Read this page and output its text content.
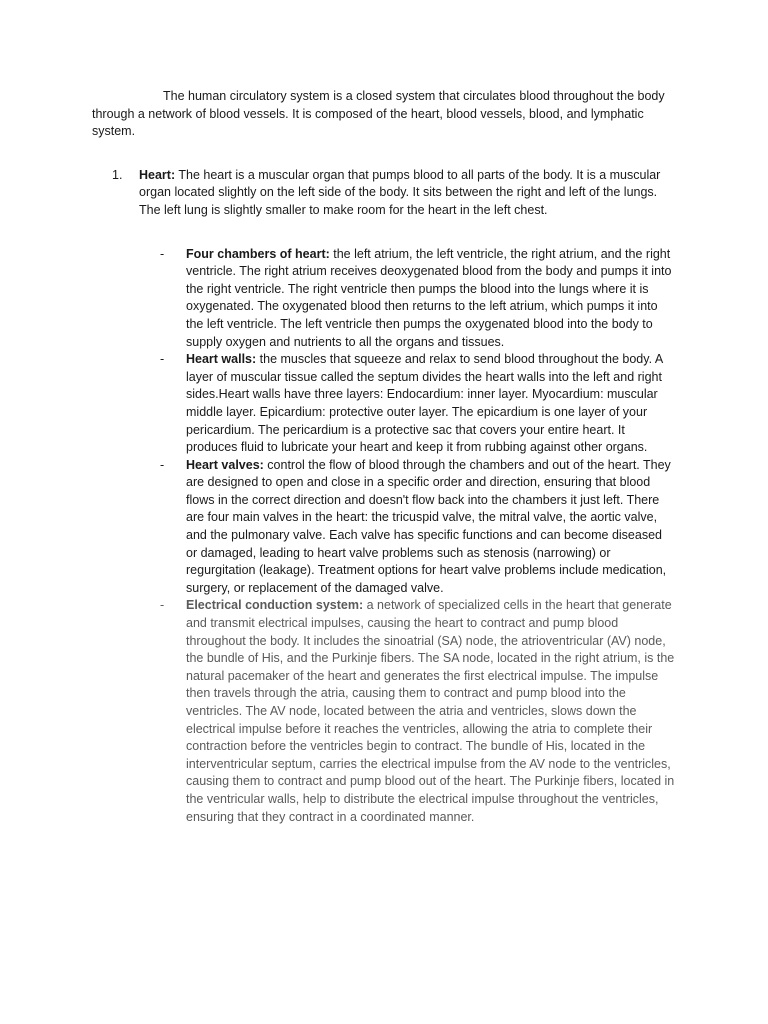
The human circulatory system is a closed system that circulates blood throughout the body through a network of blood vessels. It is composed of the heart, blood vessels, blood, and lymphatic system.

1. Heart: The heart is a muscular organ that pumps blood to all parts of the body. It is a muscular organ located slightly on the left side of the body. It sits between the right and left of the lungs. The left lung is slightly smaller to make room for the heart in the left chest.

- Four chambers of heart: the left atrium, the left ventricle, the right atrium, and the right ventricle. The right atrium receives deoxygenated blood from the body and pumps it into the right ventricle. The right ventricle then pumps the blood into the lungs where it is oxygenated. The oxygenated blood then returns to the left atrium, which pumps it into the left ventricle. The left ventricle then pumps the oxygenated blood into the body to supply oxygen and nutrients to all the organs and tissues.

- Heart walls: the muscles that squeeze and relax to send blood throughout the body. A layer of muscular tissue called the septum divides the heart walls into the left and right sides.Heart walls have three layers: Endocardium: inner layer. Myocardium: muscular middle layer. Epicardium: protective outer layer. The epicardium is one layer of your pericardium. The pericardium is a protective sac that covers your entire heart. It produces fluid to lubricate your heart and keep it from rubbing against other organs.

- Heart valves: control the flow of blood through the chambers and out of the heart. They are designed to open and close in a specific order and direction, ensuring that blood flows in the correct direction and doesn't flow back into the chambers it just left. There are four main valves in the heart: the tricuspid valve, the mitral valve, the aortic valve, and the pulmonary valve. Each valve has specific functions and can become diseased or damaged, leading to heart valve problems such as stenosis (narrowing) or regurgitation (leakage). Treatment options for heart valve problems include medication, surgery, or replacement of the damaged valve.

- Electrical conduction system: a network of specialized cells in the heart that generate and transmit electrical impulses, causing the heart to contract and pump blood throughout the body. It includes the sinoatrial (SA) node, the atrioventricular (AV) node, the bundle of His, and the Purkinje fibers. The SA node, located in the right atrium, is the natural pacemaker of the heart and generates the first electrical impulse. The impulse then travels through the atria, causing them to contract and pump blood into the ventricles. The AV node, located between the atria and ventricles, slows down the electrical impulse before it reaches the ventricles, allowing the atria to complete their contraction before the ventricles begin to contract. The bundle of His, located in the interventricular septum, carries the electrical impulse from the AV node to the ventricles, causing them to contract and pump blood out of the heart. The Purkinje fibers, located in the ventricular walls, help to distribute the electrical impulse throughout the ventricles, ensuring that they contract in a coordinated manner.
